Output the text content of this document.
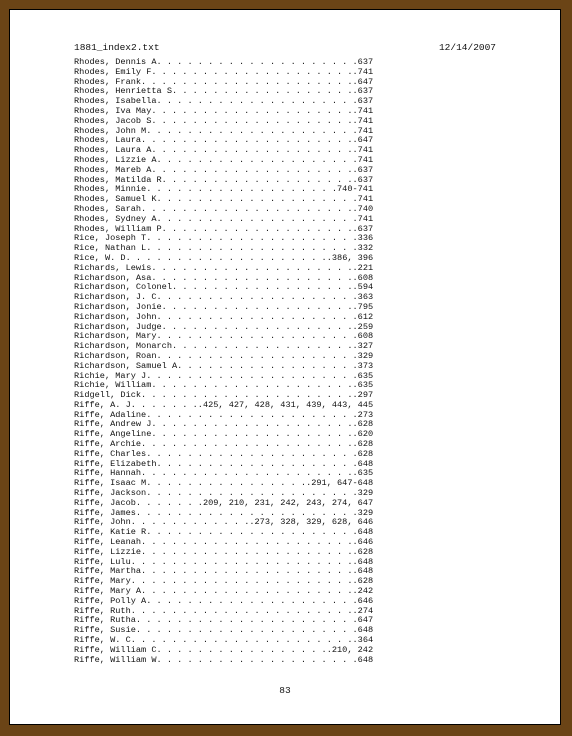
1881_index2.txt	12/14/2007
Rhodes, Dennis A. . . . . . . . . . . . . . . . . . . .637
Rhodes, Emily F. . . . . . . . . . . . . . . . . . . ..741
Rhodes, Frank. . . . . . . . . . . . . . . . . . . . ..647
Rhodes, Henrietta S. . . . . . . . . . . . . . . . . ..637
Rhodes, Isabella. . . . . . . . . . . . . . . . . . . .637
Rhodes, Iva May. . . . . . . . . . . . . . . . . . . ..741
Rhodes, Jacob S. . . . . . . . . . . . . . . . . . . ..741
Rhodes, John M. . . . . . . . . . . . . . . . . . . . .741
Rhodes, Laura. . . . . . . . . . . . . . . . . . . . ..647
Rhodes, Laura A. . . . . . . . . . . . . . . . . . . ..741
Rhodes, Lizzie A. . . . . . . . . . . . . . . . . . . .741
Rhodes, Mareb A. . . . . . . . . . . . . . . . . . . ..637
Rhodes, Matilda R. . . . . . . . . . . . . . . . . . ..637
Rhodes, Minnie. . . . . . . . . . . . . . . . . . .740-741
Rhodes, Samuel K. . . . . . . . . . . . . . . . . . . .741
Rhodes, Sarah. . . . . . . . . . . . . . . . . . . . ..740
Rhodes, Sydney A. . . . . . . . . . . . . . . . . . . .741
Rhodes, William P. . . . . . . . . . . . . . . . . . ..637
Rice, Joseph T. . . . . . . . . . . . . . . . . . . . .336
Rice, Nathan L. . . . . . . . . . . . . . . . . . . . .332
Rice, W. D. . . . . . . . . . . . . . . . . . . ..386, 396
Richards, Lewis. . . . . . . . . . . . . . . . . . . ..221
Richardson, Asa. . . . . . . . . . . . . . . . . . . ..608
Richardson, Colonel. . . . . . . . . . . . . . . . . ..594
Richardson, J. C. . . . . . . . . . . . . . . . . . . .363
Richardson, Jonie. . . . . . . . . . . . . . . . . . ..795
Richardson, John. . . . . . . . . . . . . . . . . . . .612
Richardson, Judge. . . . . . . . . . . . . . . . . . ..259
Richardson, Mary. . . . . . . . . . . . . . . . . . . .608
Richardson, Monarch. . . . . . . . . . . . . . . . . ..327
Richardson, Roan. . . . . . . . . . . . . . . . . . . .329
Richardson, Samuel A. . . . . . . . . . . . . . . . . .373
Richie, Mary J. . . . . . . . . . . . . . . . . . . . .635
Richie, William. . . . . . . . . . . . . . . . . . . ..635
Ridgell, Dick. . . . . . . . . . . . . . . . . . . . ..297
Riffe, A. J. . . . . . ..425, 427, 428, 431, 439, 443, 445
Riffe, Adaline. . . . . . . . . . . . . . . . . . . . .273
Riffe, Andrew J. . . . . . . . . . . . . . . . . . . ..628
Riffe, Angeline. . . . . . . . . . . . . . . . . . . ..620
Riffe, Archie. . . . . . . . . . . . . . . . . . . . ..628
Riffe, Charles. . . . . . . . . . . . . . . . . . . . .628
Riffe, Elizabeth. . . . . . . . . . . . . . . . . . . .648
Riffe, Hannah. . . . . . . . . . . . . . . . . . . . ..635
Riffe, Isaac M. . . . . . . . . . . . . . . ..291, 647-648
Riffe, Jackson. . . . . . . . . . . . . . . . . . . . .329
Riffe, Jacob. . . . . . .209, 210, 231, 242, 243, 274, 647
Riffe, James. . . . . . . . . . . . . . . . . . . . . .329
Riffe, John. . . . . . . . . . . ..273, 328, 329, 628, 646
Riffe, Katie R. . . . . . . . . . . . . . . . . . . . .648
Riffe, Leanah. . . . . . . . . . . . . . . . . . . . ..646
Riffe, Lizzie. . . . . . . . . . . . . . . . . . . . ..628
Riffe, Lulu. . . . . . . . . . . . . . . . . . . . . ..648
Riffe, Martha. . . . . . . . . . . . . . . . . . . . ..648
Riffe, Mary. . . . . . . . . . . . . . . . . . . . . ..628
Riffe, Mary A. . . . . . . . . . . . . . . . . . . . ..242
Riffe, Polly A. . . . . . . . . . . . . . . . . . . . .646
Riffe, Ruth. . . . . . . . . . . . . . . . . . . . . ..274
Riffe, Rutha. . . . . . . . . . . . . . . . . . . . . .647
Riffe, Susie. . . . . . . . . . . . . . . . . . . . . .648
Riffe, W. C. . . . . . . . . . . . . . . . . . . . . ..364
Riffe, William C. . . . . . . . . . . . . . . . ..210, 242
Riffe, William W. . . . . . . . . . . . . . . . . . . .648
83
